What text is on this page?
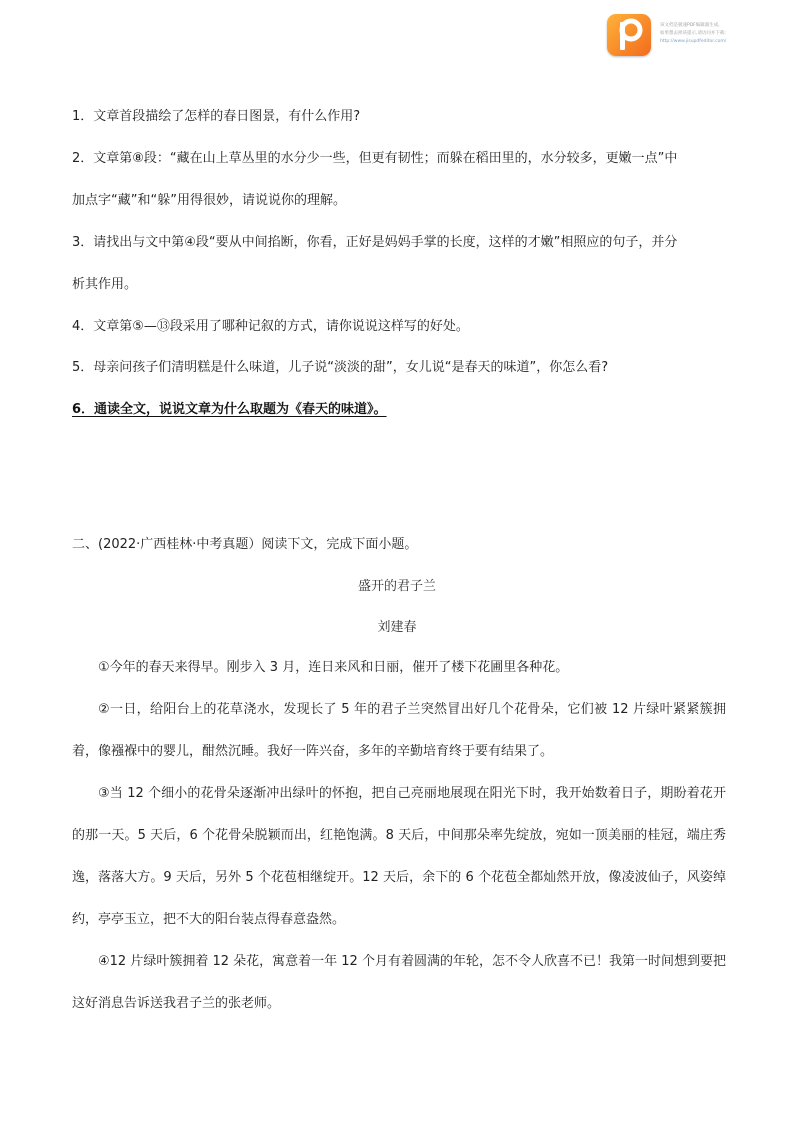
该文档是极速PDF编辑器生成,
如果想去掉该提示,请访问并下载:
http://www.jisupdfeditor.com/
1．文章首段描绘了怎样的春日图景，有什么作用?
2．文章第⑧段：“藏在山上草丛里的水分少一些，但更有韧性；而躲在稻田里的，水分较多，更嫩一点”中
加点字“藏”和“躲”用得很妙，请说说你的理解。
3．请找出与文中第④段“要从中间掐断，你看，正好是妈妈手掌的长度，这样的才嫩”相照应的句子，并分
析其作用。
4．文章第⑤—⑬段采用了哪种记叙的方式，请你说说这样写的好处。
5．母亲问孩子们清明糕是什么味道，儿子说“淡淡的甜”，女儿说“是春天的味道”，你怎么看?
6．通读全文，说说文章为什么取题为《春天的味道》。
二、(2022·广西桂林·中考真题）阅读下文，完成下面小题。
盛开的君子兰
刘建春
①今年的春天来得早。刚步入 3 月，连日来风和日丽，催开了楼下花圃里各种花。
②一日，给阳台上的花草浇水，发现长了 5 年的君子兰突然冒出好几个花骨朵，它们被 12 片绿叶紧紧簇拥着，像襁褓中的婴儿，酣然沉睡。我好一阵兴奋，多年的辛勤培育终于要有结果了。
③当 12 个细小的花骨朵逐渐冲出绿叶的怀抱，把自己亮丽地展现在阳光下时，我开始数着日子，期盼着花开的那一天。5 天后，6 个花骨朵脱颖而出，红艳饱满。8 天后，中间那朵率先绽放，宛如一顶美丽的桂冠，端庄秀逸，落落大方。9 天后，另外 5 个花苞相继绽开。12 天后，余下的 6 个花苞全都灿然开放，像凌波仙子，风姿绰约，亭亭玉立，把不大的阳台装点得春意盎然。
④12 片绿叶簇拥着 12 朵花，寓意着一年 12 个月有着圆满的年轮，怎不令人欣喜不已！我第一时间想到要把这好消息告诉送我君子兰的张老师。
